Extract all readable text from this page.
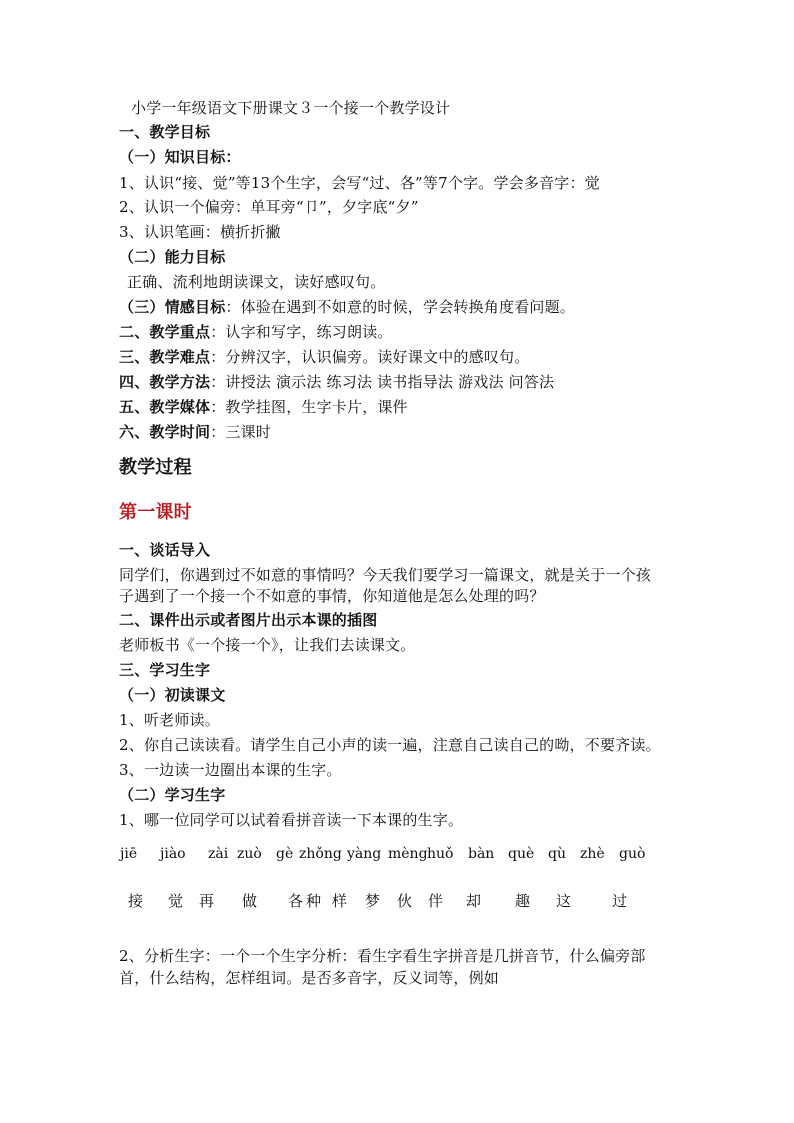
小学一年级语文下册课文３一个接一个教学设计
一、教学目标
（一）知识目标：
1、认识“接、觉”等13个生字，会写“过、各”等7个字。学会多音字：觉
2、认识一个偏旁：单耳旁“卩”，夕字底“夕”
3、认识笔画：横折折撇
（二）能力目标
正确、流利地朗读课文，读好感叹句。
（三）情感目标：体验在遇到不如意的时候，学会转换角度看问题。
二、教学重点：认字和写字，练习朗读。
三、教学难点：分辨汉字，认识偏旁。读好课文中的感叹句。
四、教学方法：讲授法 演示法 练习法 读书指导法 游戏法 问答法
五、教学媒体：教学挂图，生字卡片，课件
六、教学时间：三课时
教学过程
第一课时
一、谈话导入
同学们，你遇到过不如意的事情吗？今天我们要学习一篇课文，就是关于一个孩
子遇到了一个接一个不如意的事情，你知道他是怎么处理的吗？
二、课件出示或者图片出示本课的插图
老师板书《一个接一个》，让我们去读课文。
三、学习生字
（一）初读课文
1、听老师读。
2、你自己读读看。请学生自己小声的读一遍，注意自己读自己的呦，不要齐读。
3、一边读一边圈出本课的生字。
（二）学习生字
1、哪一位同学可以试着看拼音读一下本课的生字。
jiē jiào zài zuò gè zhǒng yàng mèng huǒ bàn què qù zhè guò
接 觉 再 做 各 种 样 梦 伙 伴 却 趣 这	过
2、分析生字：一个一个生字分析：看生字看生字拼音是几拼音节，什么偏旁部
首，什么结构，怎样组词。是否多音字，反义词等，例如
